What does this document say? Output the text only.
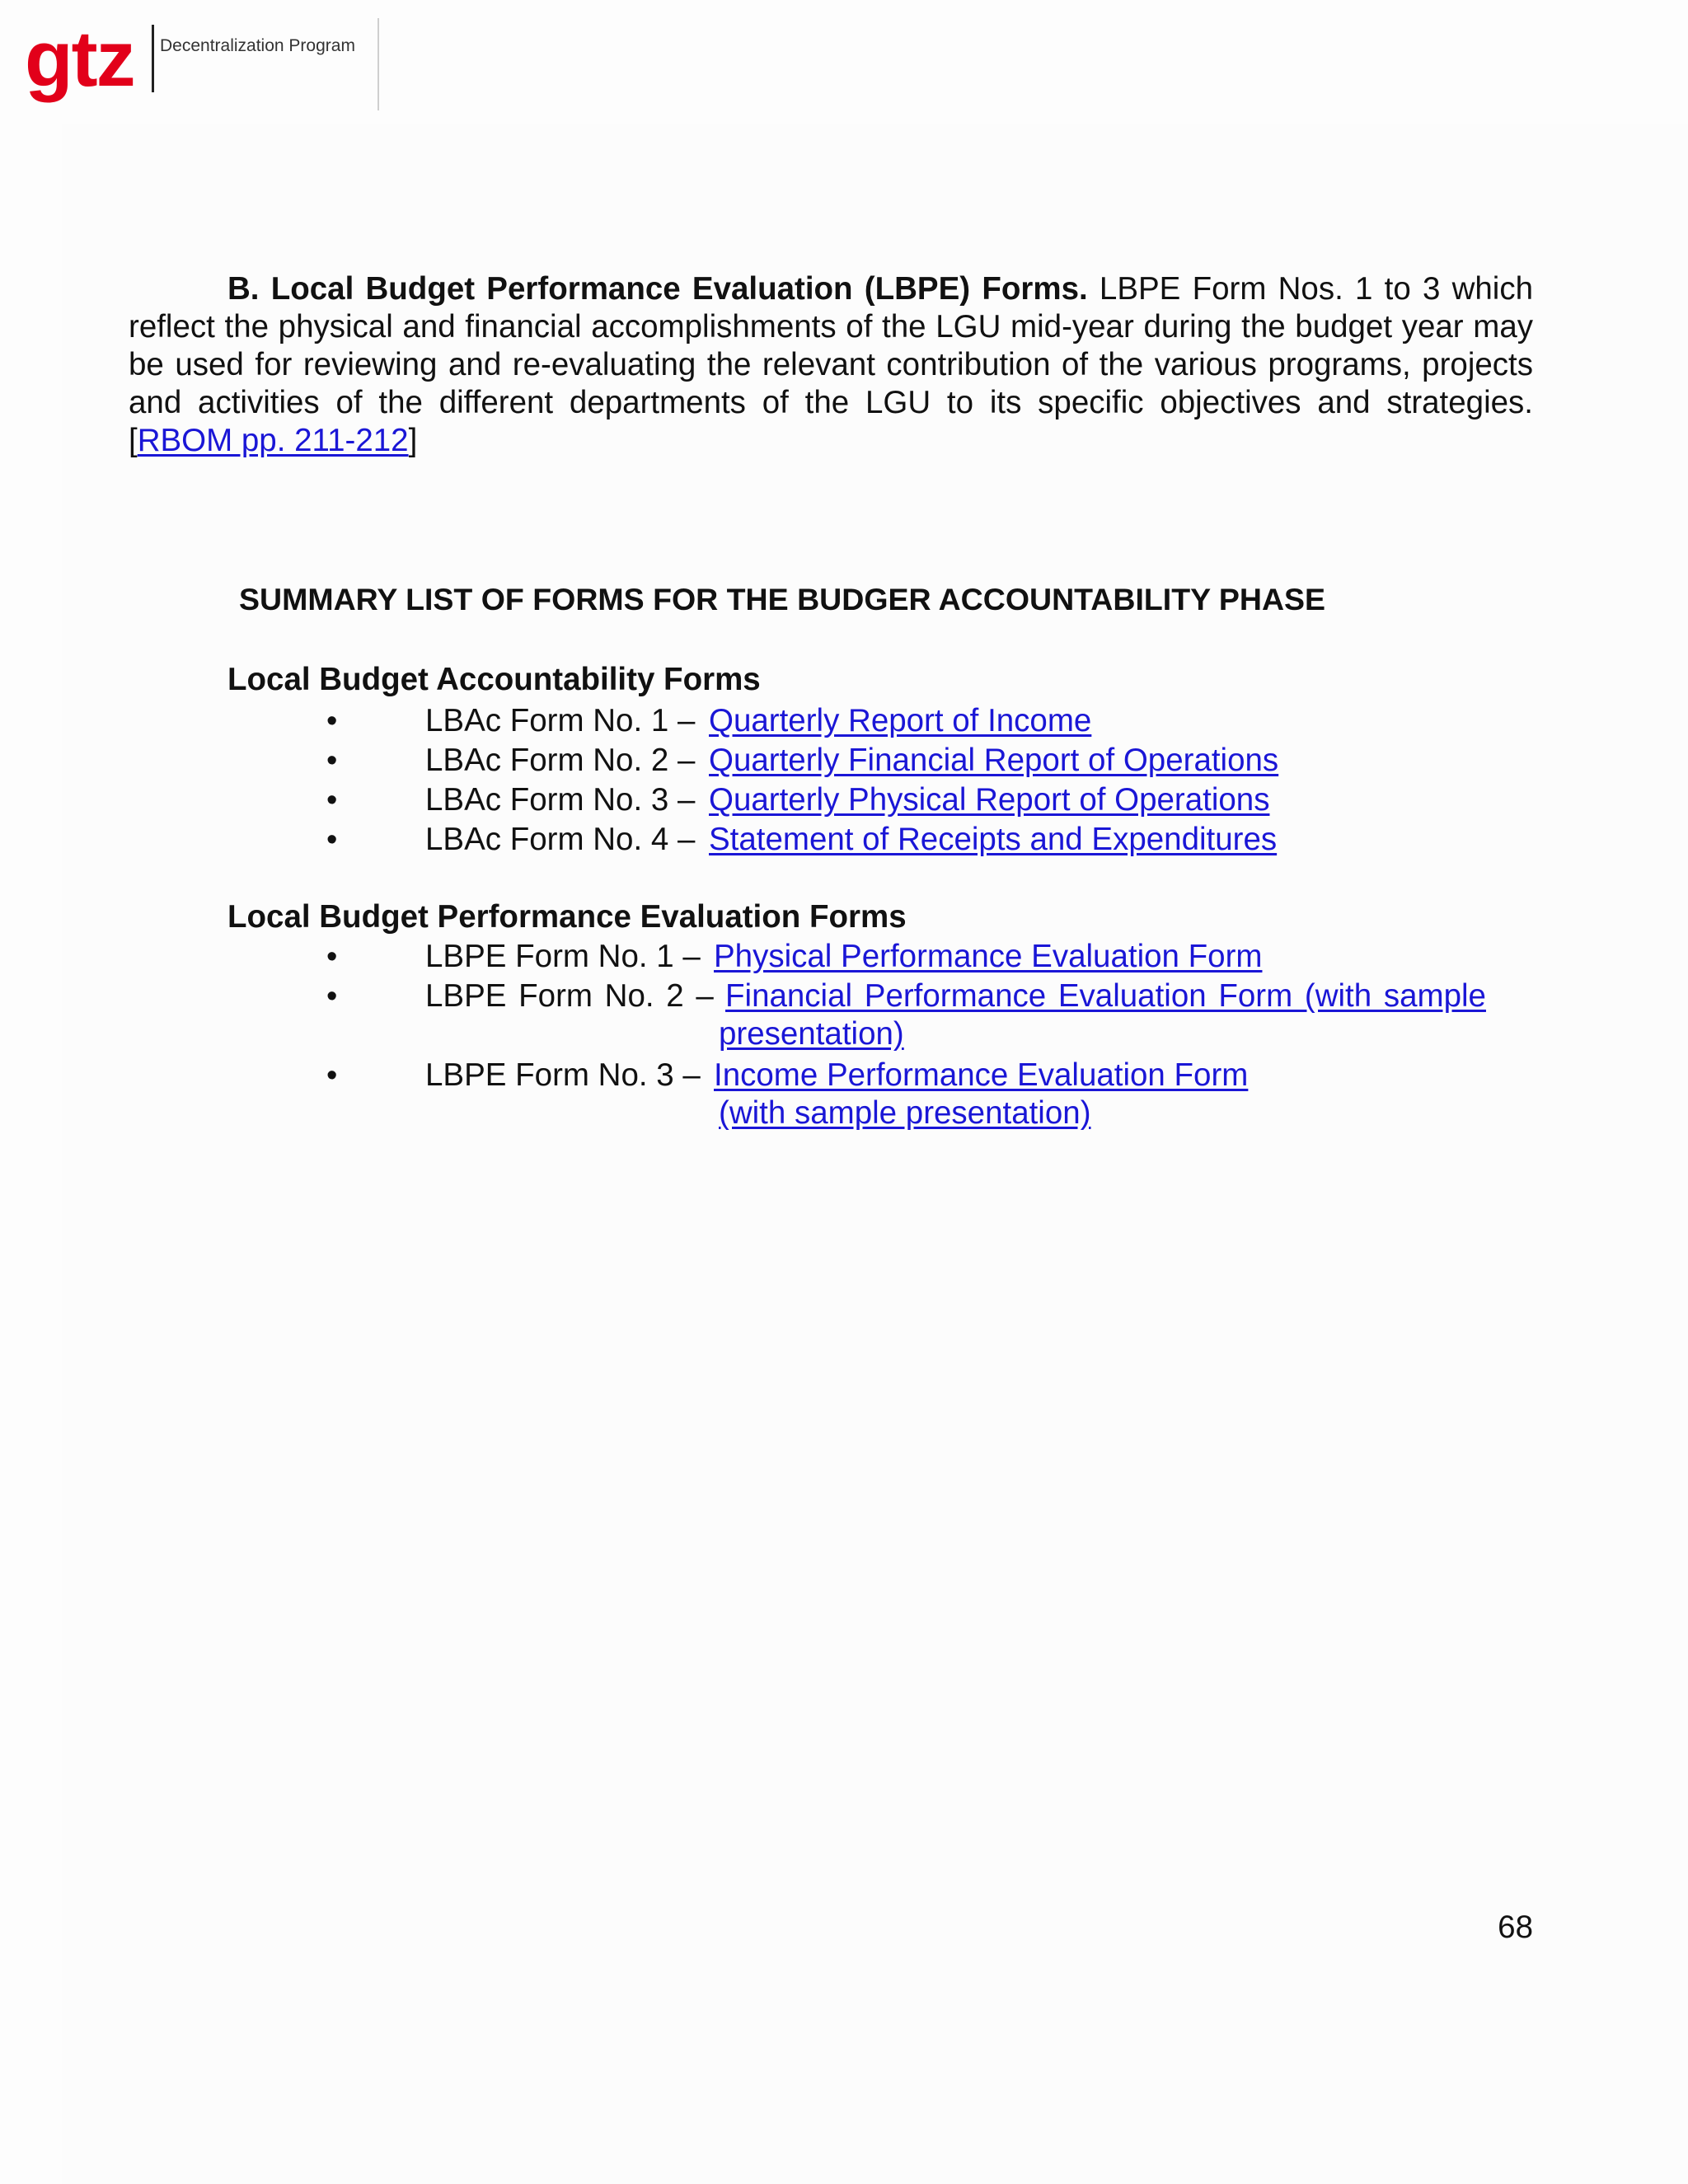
gtz Decentralization Program

B. Local Budget Performance Evaluation (LBPE) Forms. LBPE Form Nos. 1 to 3 which reflect the physical and financial accomplishments of the LGU mid-year during the budget year may be used for reviewing and re-evaluating the relevant contribution of the various programs, projects and activities of the different departments of the LGU to its specific objectives and strategies. [RBOM pp. 211-212]

SUMMARY LIST OF FORMS FOR THE BUDGER ACCOUNTABILITY PHASE
Local Budget Accountability Forms
•	LBAc Form No. 1 – Quarterly Report of Income
•	LBAc Form No. 2 – Quarterly Financial Report of Operations
•	LBAc Form No. 3 – Quarterly Physical Report of Operations
•	LBAc Form No. 4 – Statement of Receipts and Expenditures
Local Budget Performance Evaluation Forms
•	LBPE Form No. 1 – Physical Performance Evaluation Form
•	LBPE Form No. 2 – Financial Performance Evaluation Form (with sample
presentation)
•	LBPE Form No. 3 – Income Performance Evaluation Form
(with sample presentation)
68
